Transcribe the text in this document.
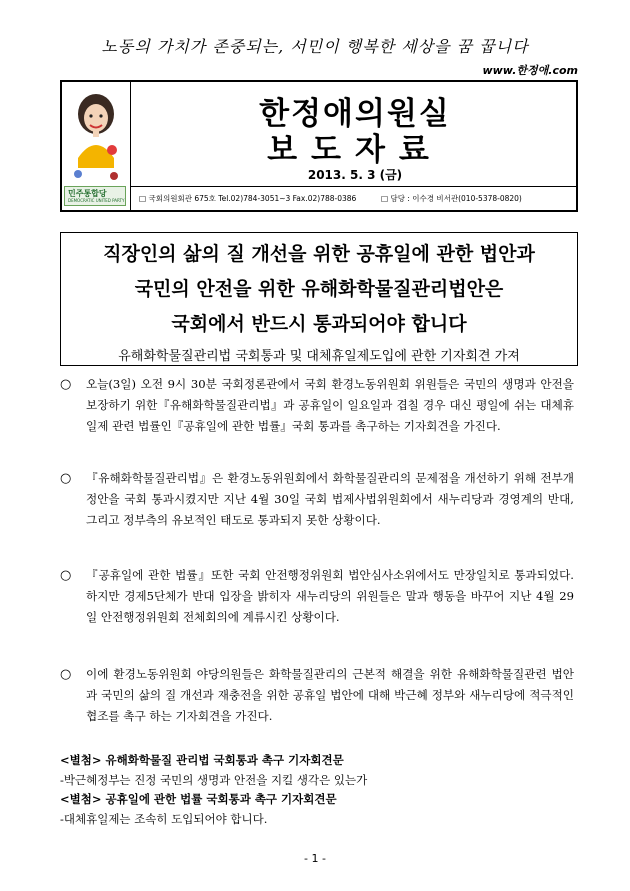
노동의 가치가 존중되는, 서민이 행복한 세상을 꿈 꿉니다
www.한정애.com
민주통합당
DEMOCRATIC UNITED PARTY
한정애의원실
보도자료
2013. 5. 3 (금)
□ 국회의원회관 675호 Tel.02)784-3051~3 Fax.02)788-0386	□ 담당 : 이수경 비서관(010-5378-0820)
직장인의 삶의 질 개선을 위한 공휴일에 관한 법안과
국민의 안전을 위한 유해화학물질관리법안은
국회에서 반드시 통과되어야 합니다
유해화학물질관리법 국회통과 및 대체휴일제도입에 관한 기자회견 가져
○ 오늘(3일) 오전 9시 30분 국회정론관에서 국회 환경노동위원회 위원들은 국민의 생명과 안전을 보장하기 위한『유해화학물질관리법』과 공휴일이 일요일과 겹칠 경우 대신 평일에 쉬는 대체휴일제 관련 법률인『공휴일에 관한 법률』국회 통과를 촉구하는 기자회견을 가진다.
○ 『유해화학물질관리법』은 환경노동위원회에서 화학물질관리의 문제점을 개선하기 위해 전부개정안을 국회 통과시켰지만 지난 4월 30일 국회 법제사법위원회에서 새누리당과 경영계의 반대, 그리고 정부측의 유보적인 태도로 통과되지 못한 상황이다.
○ 『공휴일에 관한 법률』또한 국회 안전행정위원회 법안심사소위에서도 만장일치로 통과되었다. 하지만 경제5단체가 반대 입장을 밝히자 새누리당의 위원들은 말과 행동을 바꾸어 지난 4월 29일 안전행정위원회 전체회의에 계류시킨 상황이다.
○ 이에 환경노동위원회 야당의원들은 화학물질관리의 근본적 해결을 위한 유해화학물질관련 법안과 국민의 삶의 질 개선과 재충전을 위한 공휴일 법안에 대해 박근혜 정부와 새누리당에 적극적인 협조를 촉구 하는 기자회견을 가진다.
<별첨> 유해화학물질 관리법 국회통과 촉구 기자회견문
-박근혜정부는 진정 국민의 생명과 안전을 지킬 생각은 있는가
<별첨> 공휴일에 관한 법률 국회통과 촉구 기자회견문
-대체휴일제는 조속히 도입되어야 합니다.
- 1 -
